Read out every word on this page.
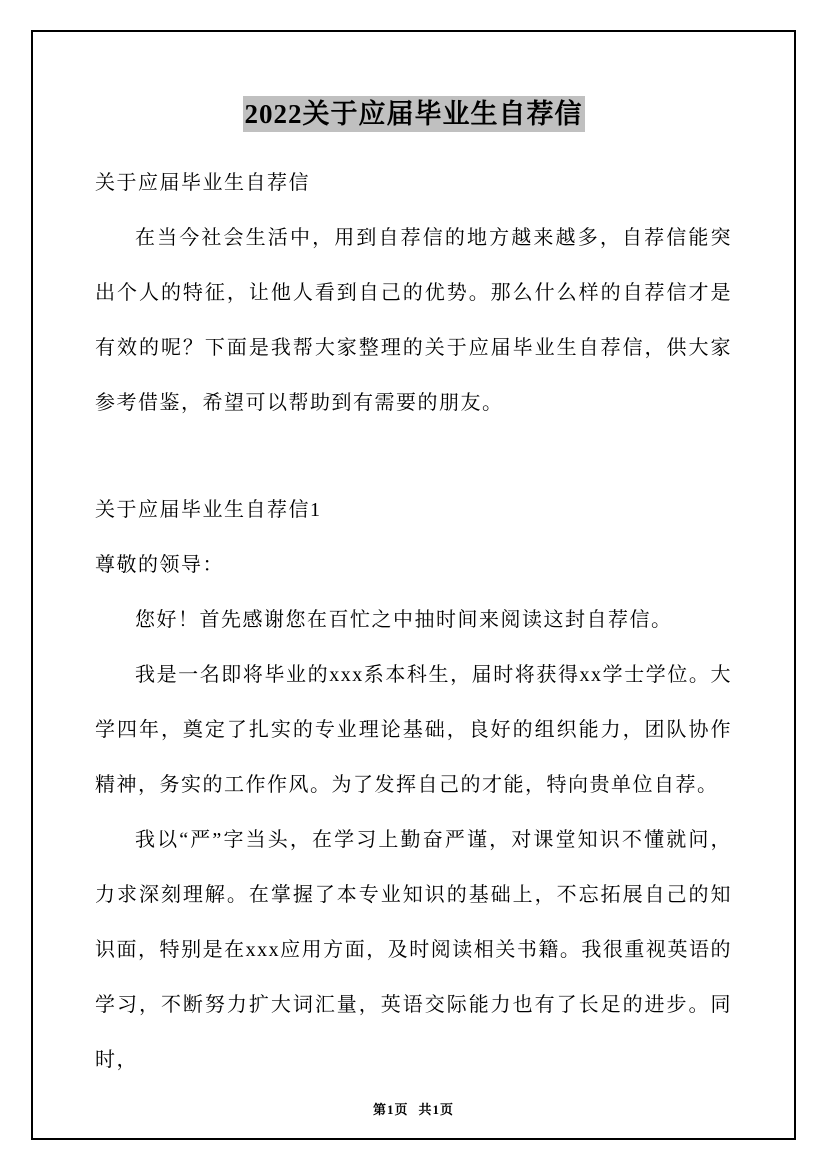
2022关于应届毕业生自荐信

关于应届毕业生自荐信

在当今社会生活中，用到自荐信的地方越来越多，自荐信能突出个人的特征，让他人看到自己的优势。那么什么样的自荐信才是有效的呢？下面是我帮大家整理的关于应届毕业生自荐信，供大家参考借鉴，希望可以帮助到有需要的朋友。

关于应届毕业生自荐信1

尊敬的领导：

您好！首先感谢您在百忙之中抽时间来阅读这封自荐信。

我是一名即将毕业的xxx系本科生，届时将获得xx学士学位。大学四年，奠定了扎实的专业理论基础，良好的组织能力，团队协作精神，务实的工作作风。为了发挥自己的才能，特向贵单位自荐。

我以“严”字当头，在学习上勤奋严谨，对课堂知识不懂就问，力求深刻理解。在掌握了本专业知识的基础上，不忘拓展自己的知识面，特别是在xxx应用方面，及时阅读相关书籍。我很重视英语的学习，不断努力扩大词汇量，英语交际能力也有了长足的进步。同时，

第1页 共1页
